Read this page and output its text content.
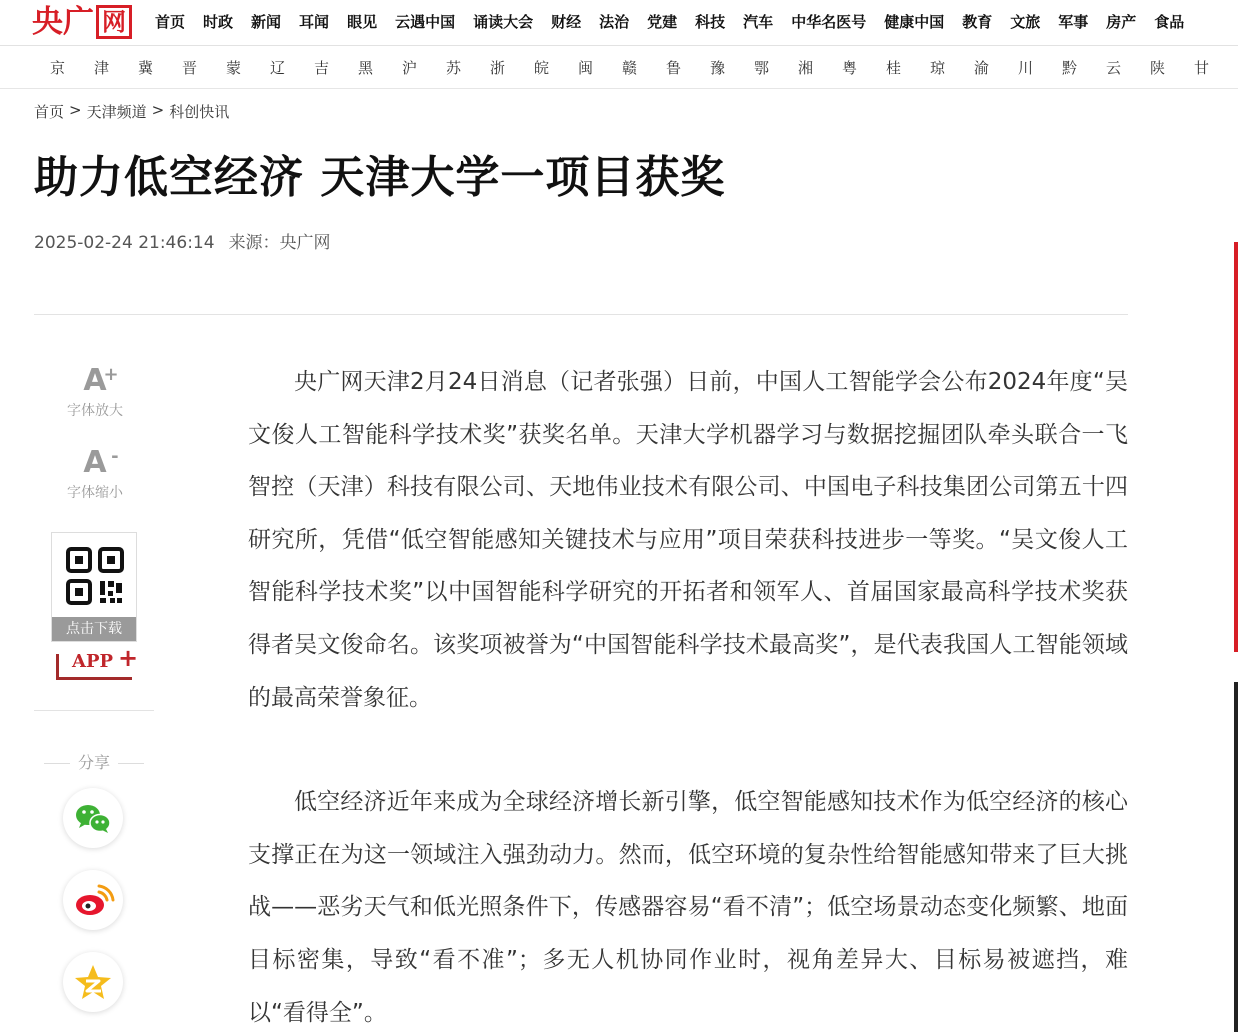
央广 网	首页 时政 新闻 耳闻 眼见 云遇中国 诵读大会 财经 法治 党建 科技 汽车 中华名医号 健康中国 教育 文旅 军事 房产 食品
京	津	冀	晋	蒙	辽	吉	黑	沪	苏	浙	皖	闽	赣	鲁	豫	鄂	湘	粤	桂	琼	渝	川	黔	云	陕	甘
首页 > 天津频道 > 科创快讯
助力低空经济 天津大学一项目获奖
2025-02-24 21:46:14 来源：央广网
A
+
字体放大
A -
字体缩小
点击下载
APP +
分享

央广网天津2月24日消息（记者张强）日前，中国人工智能学会公布2024年度“吴文俊人工智能科学技术奖”获奖名单。天津大学机器学习与数据挖掘团队牵头联合一飞智控（天津）科技有限公司、天地伟业技术有限公司、中国电子科技集团公司第五十四研究所，凭借“低空智能感知关键技术与应用”项目荣获科技进步一等奖。“吴文俊人工智能科学技术奖”以中国智能科学研究的开拓者和领军人、首届国家最高科学技术奖获得者吴文俊命名。该奖项被誉为“中国智能科学技术最高奖”，是代表我国人工智能领域的最高荣誉象征。

低空经济近年来成为全球经济增长新引擎，低空智能感知技术作为低空经济的核心支撑正在为这一领域注入强劲动力。然而，低空环境的复杂性给智能感知带来了巨大挑战——恶劣天气和低光照条件下，传感器容易“看不清”；低空场景动态变化频繁、地面目标密集，导致“看不准”；多无人机协同作业时，视角差异大、目标易被遮挡，难以“看得全”。
